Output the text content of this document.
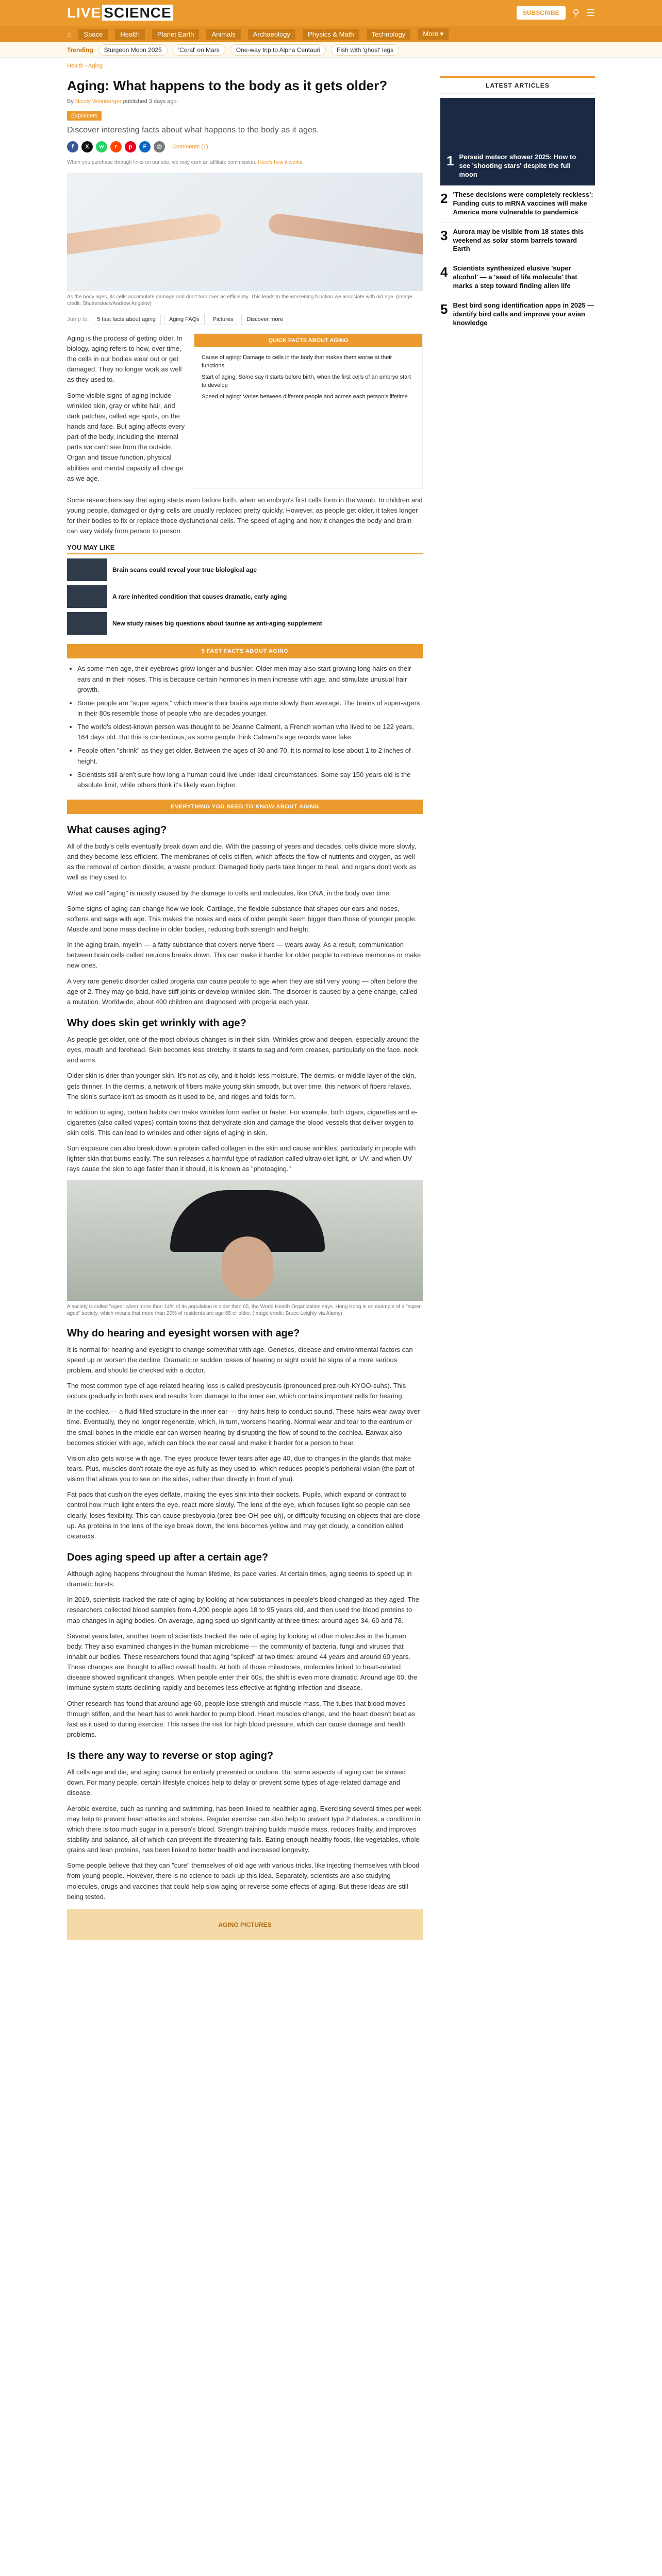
LIVE SCIENCE	SUBSCRIBE	⚲ ☰
⌂	Space	Health	Planet Earth	Animals	Archaeology	Physics & Math	Technology	More ▾
Trending	Sturgeon Moon 2025	'Coral' on Mars	One-way trip to Alpha Centauri	Fish with 'ghost' legs
Health › Aging
Aging: What happens to the body as it gets older?
By Nicoly Weinberger published 3 days ago
Explainers
Discover interesting facts about what happens to the body as it ages.
f	X	w	r	p	F	@	Comments (1)
When you purchase through links on our site, we may earn an affiliate commission. Here's how it works.
As the body ages, its cells accumulate damage and don't turn over as efficiently. This leads to the worsening function we associate with old age. (Image credit: Shutterstock/Andrew Angelov)
Jump to:	5 fast facts about aging	Aging FAQs	Pictures	Discover more

Aging is the process of getting older. In biology, aging refers to how, over time, the cells in our bodies wear out or get damaged. They no longer work as well as they used to.

Some visible signs of aging include wrinkled skin, gray or white hair, and dark patches, called age spots, on the hands and face. But aging affects every part of the body, including the internal parts we can't see from the outside. Organ and tissue function, physical abilities and mental capacity all change as we age.

QUICK FACTS ABOUT AGING
Cause of aging: Damage to cells in the body that makes them worse at their functions
Start of aging: Some say it starts before birth, when the first cells of an embryo start to develop
Speed of aging: Varies between different people and across each person's lifetime

Some researchers say that aging starts even before birth, when an embryo's first cells form in the womb. In children and young people, damaged or dying cells are usually replaced pretty quickly. However, as people get older, it takes longer for their bodies to fix or replace those dysfunctional cells. The speed of aging and how it changes the body and brain can vary widely from person to person.

YOU MAY LIKE
Brain scans could reveal your true biological age
A rare inherited condition that causes dramatic, early aging
New study raises big questions about taurine as anti-aging supplement
5 FAST FACTS ABOUT AGING
• As some men age, their eyebrows grow longer and bushier. Older men may also start growing long hairs on their ears and in their noses. This is because certain hormones in men increase with age, and stimulate unusual hair growth.
• Some people are "super agers," which means their brains age more slowly than average. The brains of super-agers in their 80s resemble those of people who are decades younger.
• The world's oldest-known person was thought to be Jeanne Calment, a French woman who lived to be 122 years, 164 days old. But this is contentious, as some people think Calment's age records were fake.
• People often "shrink" as they get older. Between the ages of 30 and 70, it is normal to lose about 1 to 2 inches of height.
• Scientists still aren't sure how long a human could live under ideal circumstances. Some say 150 years old is the absolute limit, while others think it's likely even higher.
EVERYTHING YOU NEED TO KNOW ABOUT AGING
What causes aging?

All of the body's cells eventually break down and die. With the passing of years and decades, cells divide more slowly, and they become less efficient. The membranes of cells stiffen, which affects the flow of nutrients and oxygen, as well as the removal of carbon dioxide, a waste product. Damaged body parts take longer to heal, and organs don't work as well as they used to.

What we call "aging" is mostly caused by the damage to cells and molecules, like DNA, in the body over time.

Some signs of aging can change how we look. Cartilage, the flexible substance that shapes our ears and noses, softens and sags with age. This makes the noses and ears of older people seem bigger than those of younger people. Muscle and bone mass decline in older bodies, reducing both strength and height.

In the aging brain, myelin — a fatty substance that covers nerve fibers — wears away. As a result, communication between brain cells called neurons breaks down. This can make it harder for older people to retrieve memories or make new ones.

A very rare genetic disorder called progeria can cause people to age when they are still very young — often before the age of 2. They may go bald, have stiff joints or develop wrinkled skin. The disorder is caused by a gene change, called a mutation. Worldwide, about 400 children are diagnosed with progeria each year.

Why does skin get wrinkly with age?

As people get older, one of the most obvious changes is in their skin. Wrinkles grow and deepen, especially around the eyes, mouth and forehead. Skin becomes less stretchy. It starts to sag and form creases, particularly on the face, neck and arms.

Older skin is drier than younger skin. It's not as oily, and it holds less moisture. The dermis, or middle layer of the skin, gets thinner. In the dermis, a network of fibers make young skin smooth, but over time, this network of fibers relaxes. The skin's surface isn't as smooth as it used to be, and ridges and folds form.

In addition to aging, certain habits can make wrinkles form earlier or faster. For example, both cigars, cigarettes and e-cigarettes (also called vapes) contain toxins that dehydrate skin and damage the blood vessels that deliver oxygen to skin cells. This can lead to wrinkles and other signs of aging in skin.

Sun exposure can also break down a protein called collagen in the skin and cause wrinkles, particularly in people with lighter skin that burns easily. The sun releases a harmful type of radiation called ultraviolet light, or UV, and when UV rays cause the skin to age faster than it should, it is known as "photoaging."

A society is called "aged" when more than 14% of its population is older than 65, the World Health Organization says. Hong Kong is an example of a "super-aged" society, which means that more than 20% of residents are age 65 or older. (Image credit: Bruce Leighty via Alamy)
Why do hearing and eyesight worsen with age?

It is normal for hearing and eyesight to change somewhat with age. Genetics, disease and environmental factors can speed up or worsen the decline. Dramatic or sudden losses of hearing or sight could be signs of a more serious problem, and should be checked with a doctor.

The most common type of age-related hearing loss is called presbycusis (pronounced prez-buh-KYOO-suhs). This occurs gradually in both ears and results from damage to the inner ear, which contains important cells for hearing.

In the cochlea — a fluid-filled structure in the inner ear — tiny hairs help to conduct sound. These hairs wear away over time. Eventually, they no longer regenerate, which, in turn, worsens hearing. Normal wear and tear to the eardrum or the small bones in the middle ear can worsen hearing by disrupting the flow of sound to the cochlea. Earwax also becomes stickier with age, which can block the ear canal and make it harder for a person to hear.

Vision also gets worse with age. The eyes produce fewer tears after age 40, due to changes in the glands that make tears. Plus, muscles don't rotate the eye as fully as they used to, which reduces people's peripheral vision (the part of vision that allows you to see on the sides, rather than directly in front of you).

Fat pads that cushion the eyes deflate, making the eyes sink into their sockets. Pupils, which expand or contract to control how much light enters the eye, react more slowly. The lens of the eye, which focuses light so people can see clearly, loses flexibility. This can cause presbyopia (prez-bee-OH-pee-uh), or difficulty focusing on objects that are close-up. As proteins in the lens of the eye break down, the lens becomes yellow and may get cloudy, a condition called cataracts.

Does aging speed up after a certain age?

Although aging happens throughout the human lifetime, its pace varies. At certain times, aging seems to speed up in dramatic bursts.

In 2019, scientists tracked the rate of aging by looking at how substances in people's blood changed as they aged. The researchers collected blood samples from 4,200 people ages 18 to 95 years old, and then used the blood proteins to map changes in aging bodies. On average, aging sped up significantly at three times: around ages 34, 60 and 78.

Several years later, another team of scientists tracked the rate of aging by looking at other molecules in the human body. They also examined changes in the human microbiome — the community of bacteria, fungi and viruses that inhabit our bodies. These researchers found that aging "spiked" at two times: around 44 years and around 60 years. These changes are thought to affect overall health. At both of those milestones, molecules linked to heart-related disease showed significant changes. When people enter their 60s, the shift is even more dramatic. Around age 60, the immune system starts declining rapidly and becomes less effective at fighting infection and disease.

Other research has found that around age 60, people lose strength and muscle mass. The tubes that blood moves through stiffen, and the heart has to work harder to pump blood. Heart muscles change, and the heart doesn't beat as fast as it used to during exercise. This raises the risk for high blood pressure, which can cause damage and health problems.

Is there any way to reverse or stop aging?

All cells age and die, and aging cannot be entirely prevented or undone. But some aspects of aging can be slowed down. For many people, certain lifestyle choices help to delay or prevent some types of age-related damage and disease.

Aerobic exercise, such as running and swimming, has been linked to healthier aging. Exercising several times per week may help to prevent heart attacks and strokes. Regular exercise can also help to prevent type 2 diabetes, a condition in which there is too much sugar in a person's blood. Strength training builds muscle mass, reduces frailty, and improves stability and balance, all of which can prevent life-threatening falls. Eating enough healthy foods, like vegetables, whole grains and lean proteins, has been linked to better health and increased longevity.

Some people believe that they can "cure" themselves of old age with various tricks, like injecting themselves with blood from young people. However, there is no science to back up this idea. Separately, scientists are also studying molecules, drugs and vaccines that could help slow aging or reverse some effects of aging. But these ideas are still being tested.

AGING PICTURES
LATEST ARTICLES
1 Perseid meteor shower 2025: How to see 'shooting stars' despite the full moon
2 'These decisions were completely reckless': Funding cuts to mRNA vaccines will make America more vulnerable to pandemics
3 Aurora may be visible from 18 states this weekend as solar storm barrels toward Earth
4 Scientists synthesized elusive 'super alcohol' — a 'seed of life molecule' that marks a step toward finding alien life
5 Best bird song identification apps in 2025 — identify bird calls and improve your avian knowledge
